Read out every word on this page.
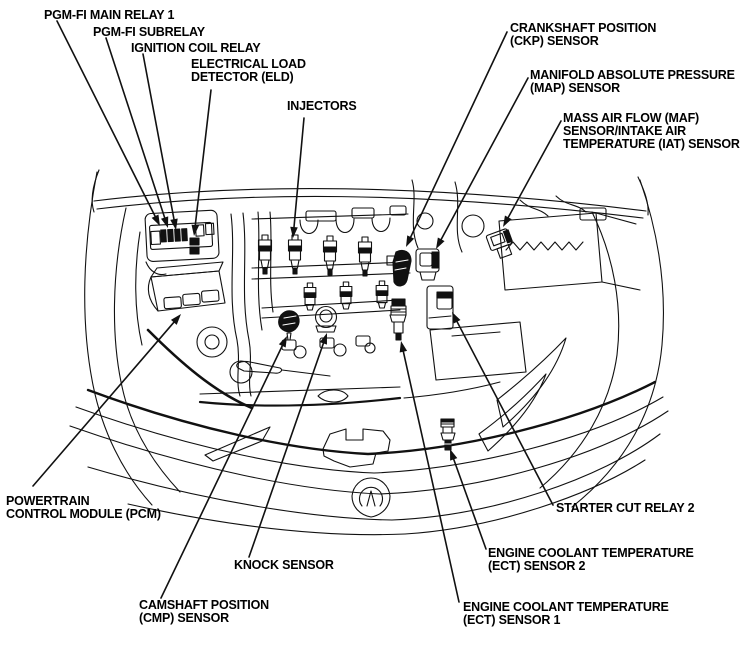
PGM-FI MAIN RELAY 1
PGM-FI SUBRELAY
IGNITION COIL RELAY
ELECTRICAL LOAD
DETECTOR (ELD)
INJECTORS
CRANKSHAFT POSITION
(CKP) SENSOR
MANIFOLD ABSOLUTE PRESSURE
(MAP) SENSOR
MASS AIR FLOW (MAF)
SENSOR/INTAKE AIR
TEMPERATURE (IAT) SENSOR
POWERTRAIN
CONTROL MODULE (PCM)	STARTER CUT RELAY 2
KNOCK SENSOR
ENGINE COOLANT TEMPERATURE
(ECT) SENSOR 2
CAMSHAFT POSITION
(CMP) SENSOR
ENGINE COOLANT TEMPERATURE
(ECT) SENSOR 1
